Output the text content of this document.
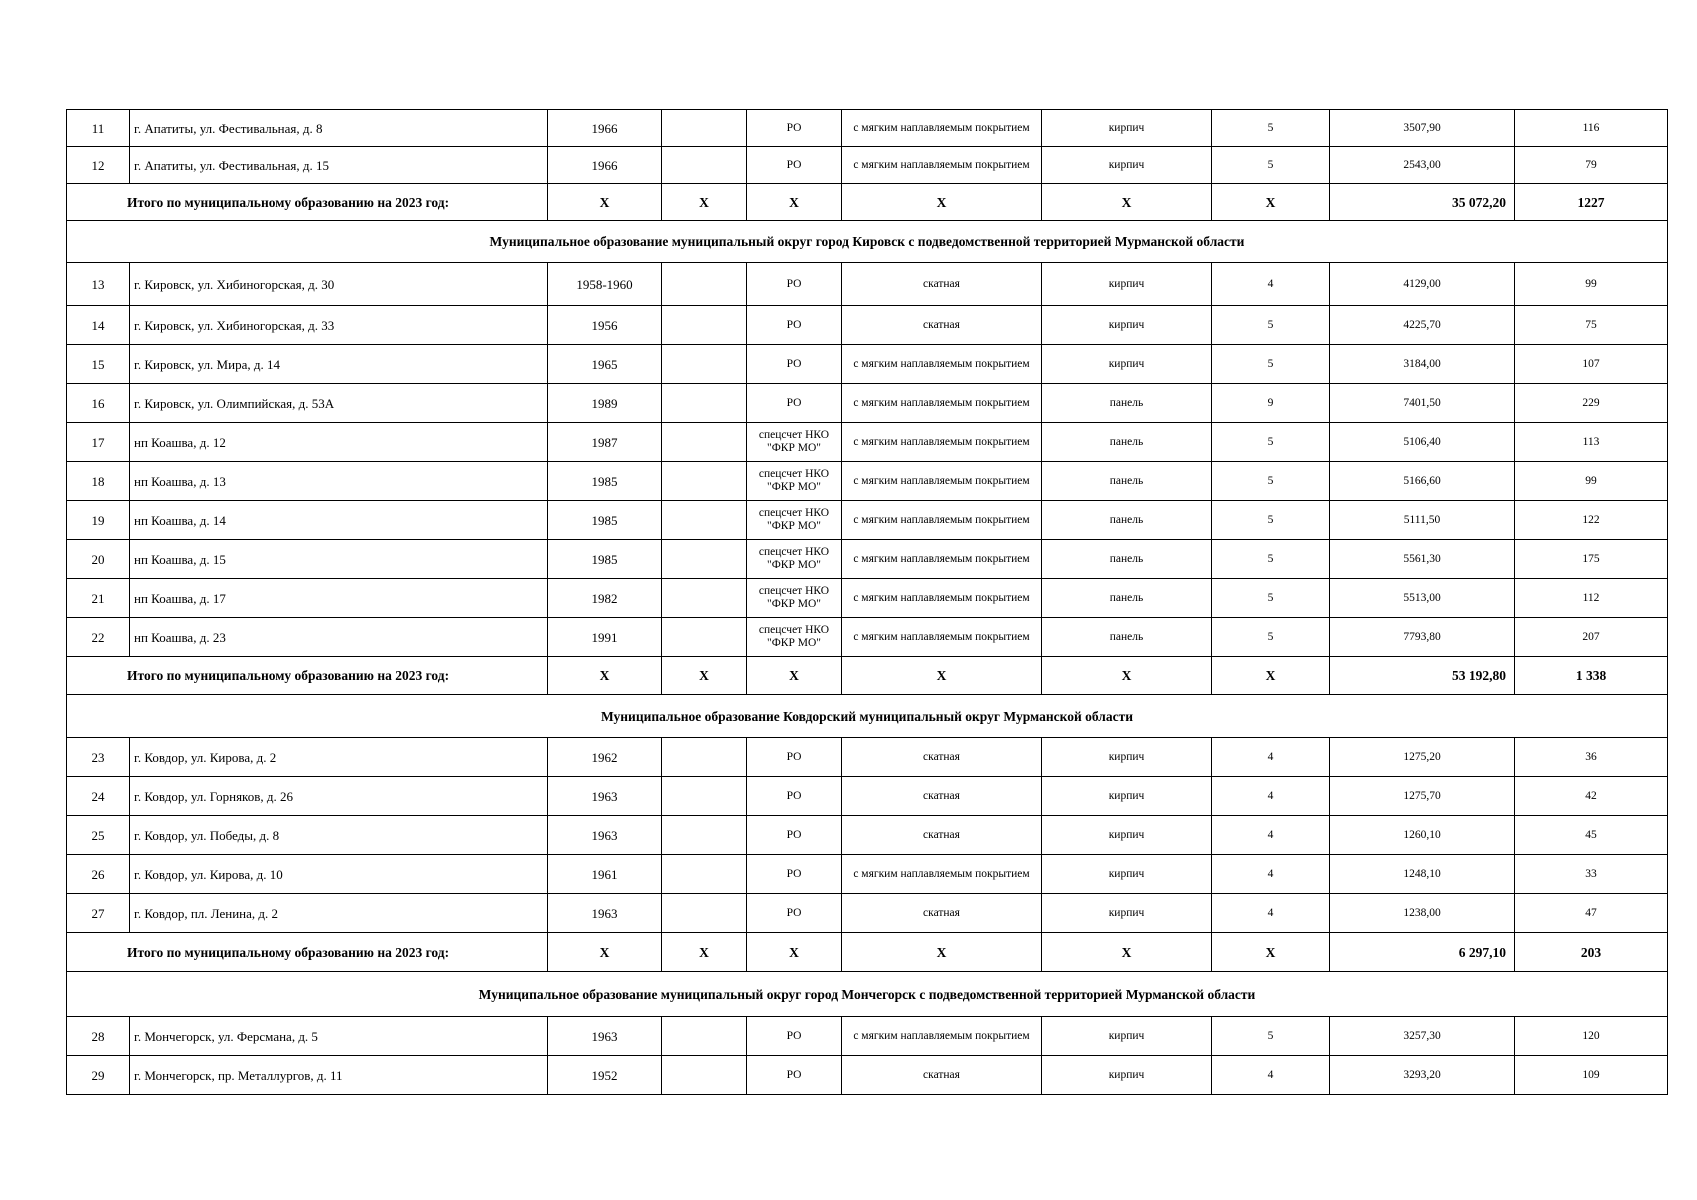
11	г. Апатиты, ул. Фестивальная, д. 8	1966		РО	с мягким наплавляемым покрытием	кирпич	5	3507,90	116
12	г. Апатиты, ул. Фестивальная, д. 15	1966		РО	с мягким наплавляемым покрытием	кирпич	5	2543,00	79
Итого по муниципальному образованию на 2023 год:		Х	Х	Х	Х	Х	Х	35 072,20	1227
Муниципальное образование муниципальный округ город Кировск с подведомственной территорией Мурманской области									
13	г. Кировск, ул. Хибиногорская, д. 30	1958-1960		РО	скатная	кирпич	4	4129,00	99
14	г. Кировск, ул. Хибиногорская, д. 33	1956		РО	скатная	кирпич	5	4225,70	75
15	г. Кировск, ул. Мира, д. 14	1965		РО	с мягким наплавляемым покрытием	кирпич	5	3184,00	107
16	г. Кировск, ул. Олимпийская, д. 53А	1989		РО	с мягким наплавляемым покрытием	панель	9	7401,50	229
17	нп Коашва, д. 12	1987		спецсчет НКО "ФКР МО"	с мягким наплавляемым покрытием	панель	5	5106,40	113
18	нп Коашва, д. 13	1985		спецсчет НКО "ФКР МО"	с мягким наплавляемым покрытием	панель	5	5166,60	99
19	нп Коашва, д. 14	1985		спецсчет НКО "ФКР МО"	с мягким наплавляемым покрытием	панель	5	5111,50	122
20	нп Коашва, д. 15	1985		спецсчет НКО "ФКР МО"	с мягким наплавляемым покрытием	панель	5	5561,30	175
21	нп Коашва, д. 17	1982		спецсчет НКО "ФКР МО"	с мягким наплавляемым покрытием	панель	5	5513,00	112
22	нп Коашва, д. 23	1991		спецсчет НКО "ФКР МО"	с мягким наплавляемым покрытием	панель	5	7793,80	207
Итого по муниципальному образованию на 2023 год:		Х	Х	Х	Х	Х	Х	53 192,80	1 338
Муниципальное образование Ковдорский муниципальный округ Мурманской области									
23	г. Ковдор, ул. Кирова, д. 2	1962		РО	скатная	кирпич	4	1275,20	36
24	г. Ковдор, ул. Горняков, д. 26	1963		РО	скатная	кирпич	4	1275,70	42
25	г. Ковдор, ул. Победы, д. 8	1963		РО	скатная	кирпич	4	1260,10	45
26	г. Ковдор, ул. Кирова, д. 10	1961		РО	с мягким наплавляемым покрытием	кирпич	4	1248,10	33
27	г. Ковдор, пл. Ленина, д. 2	1963		РО	скатная	кирпич	4	1238,00	47
Итого по муниципальному образованию на 2023 год:		Х	Х	Х	Х	Х	Х	6 297,10	203
Муниципальное образование муниципальный округ город Мончегорск с подведомственной территорией Мурманской области									
28	г. Мончегорск, ул. Ферсмана, д. 5	1963		РО	с мягким наплавляемым покрытием	кирпич	5	3257,30	120
29	г. Мончегорск, пр. Металлургов, д. 11	1952		РО	скатная	кирпич	4	3293,20	109
